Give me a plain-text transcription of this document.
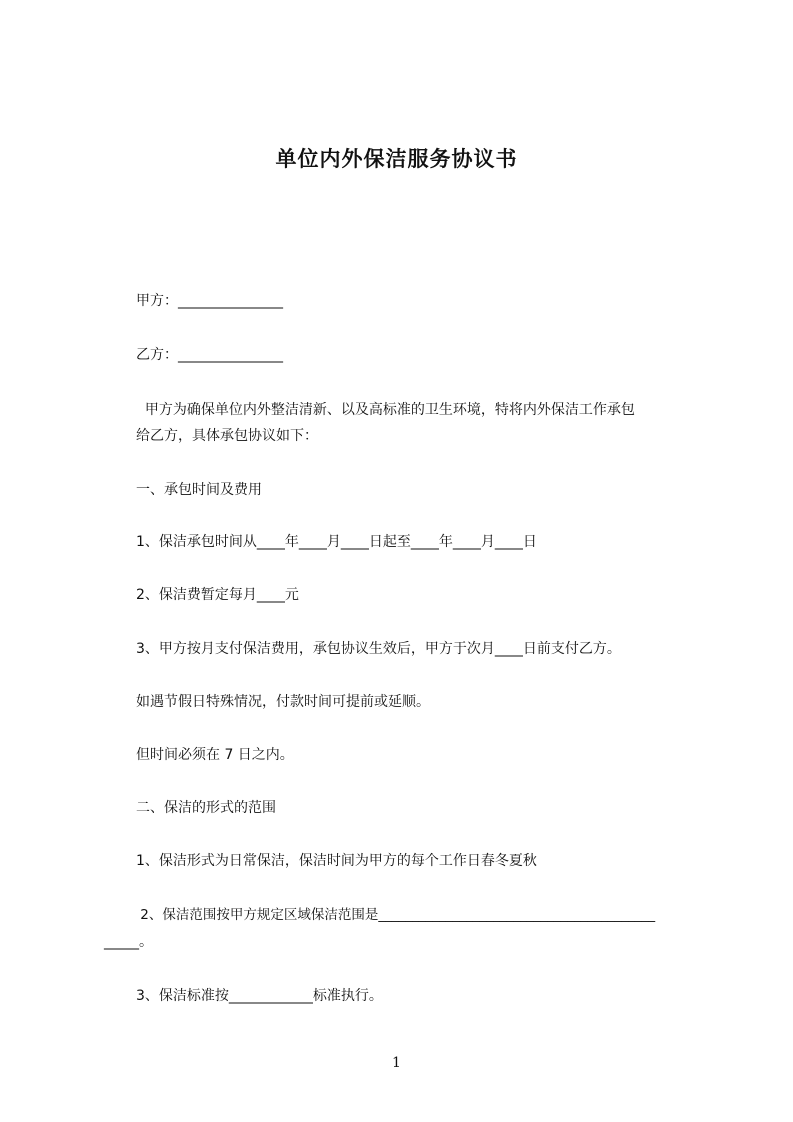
单位内外保洁服务协议书

甲方：_______________

乙方：_______________

甲方为确保单位内外整洁清新、以及高标准的卫生环境，特将内外保洁工作承包

给乙方，具体承包协议如下：

一、承包时间及费用

1、保洁承包时间从____年____月____日起至____年____月____日

2、保洁费暂定每月____元

3、甲方按月支付保洁费用，承包协议生效后，甲方于次月____日前支付乙方。

如遇节假日特殊情况，付款时间可提前或延顺。

但时间必须在 7 日之内。

二、保洁的形式的范围

1、保洁形式为日常保洁，保洁时间为甲方的每个工作日春冬夏秋

2、保洁范围按甲方规定区域保洁范围是_________________________________________

_____。

3、保洁标准按____________标准执行。

1
